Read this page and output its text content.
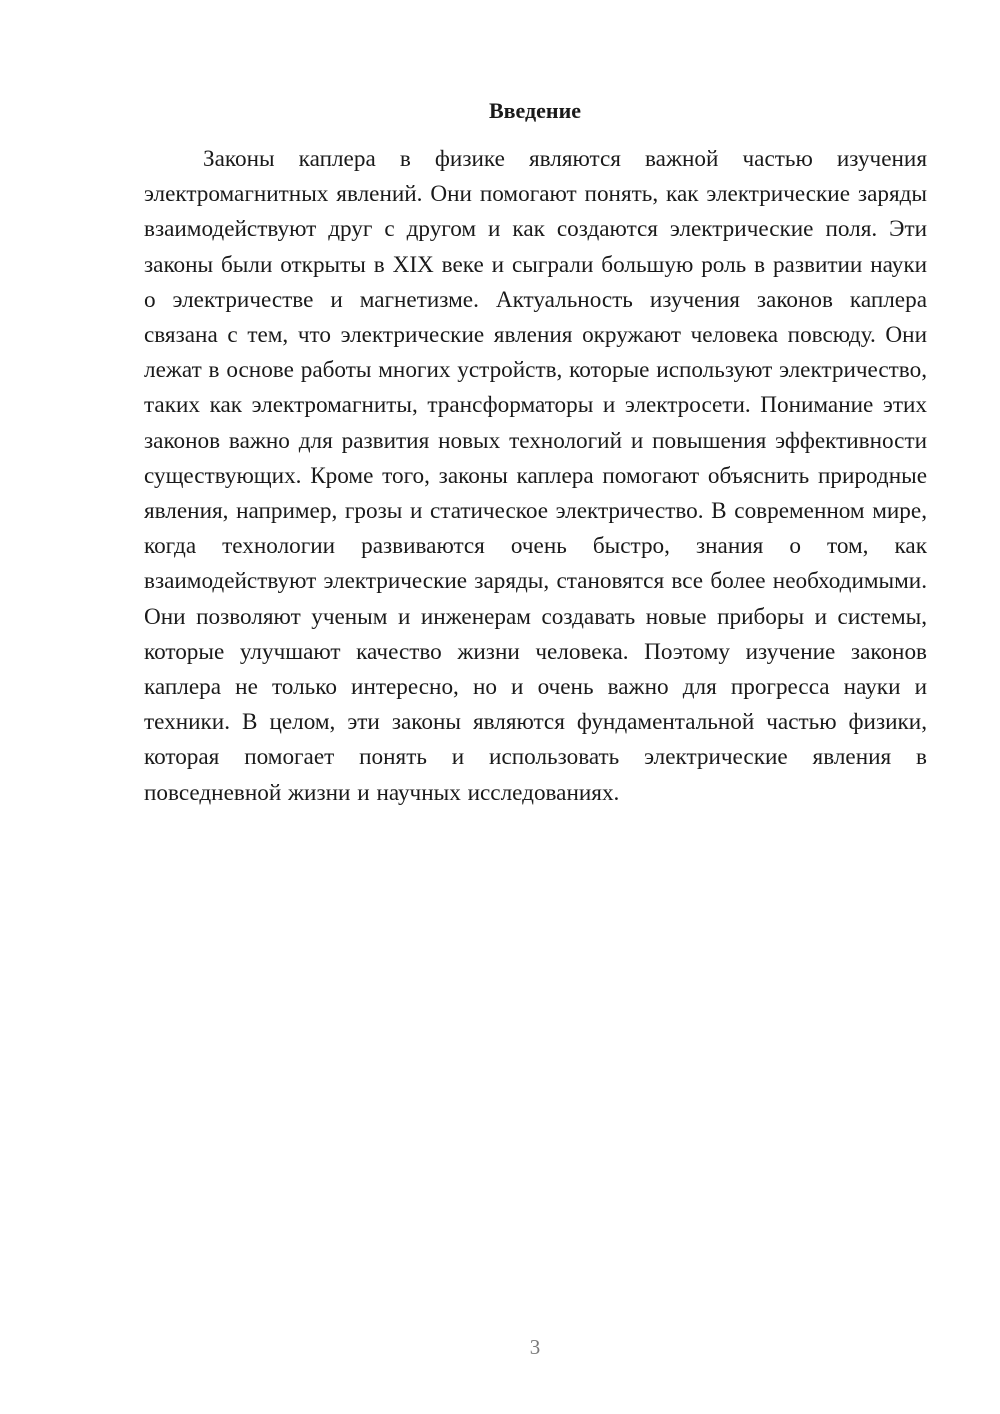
Введение

Законы каплера в физике являются важной частью изучения электромагнитных явлений. Они помогают понять, как электрические заряды взаимодействуют друг с другом и как создаются электрические поля. Эти законы были открыты в XIX веке и сыграли большую роль в развитии науки о электричестве и магнетизме. Актуальность изучения законов каплера связана с тем, что электрические явления окружают человека повсюду. Они лежат в основе работы многих устройств, которые используют электричество, таких как электромагниты, трансформаторы и электросети. Понимание этих законов важно для развития новых технологий и повышения эффективности существующих. Кроме того, законы каплера помогают объяснить природные явления, например, грозы и статическое электричество. В современном мире, когда технологии развиваются очень быстро, знания о том, как взаимодействуют электрические заряды, становятся все более необходимыми. Они позволяют ученым и инженерам создавать новые приборы и системы, которые улучшают качество жизни человека. Поэтому изучение законов каплера не только интересно, но и очень важно для прогресса науки и техники. В целом, эти законы являются фундаментальной частью физики, которая помогает понять и использовать электрические явления в повседневной жизни и научных исследованиях.

3
